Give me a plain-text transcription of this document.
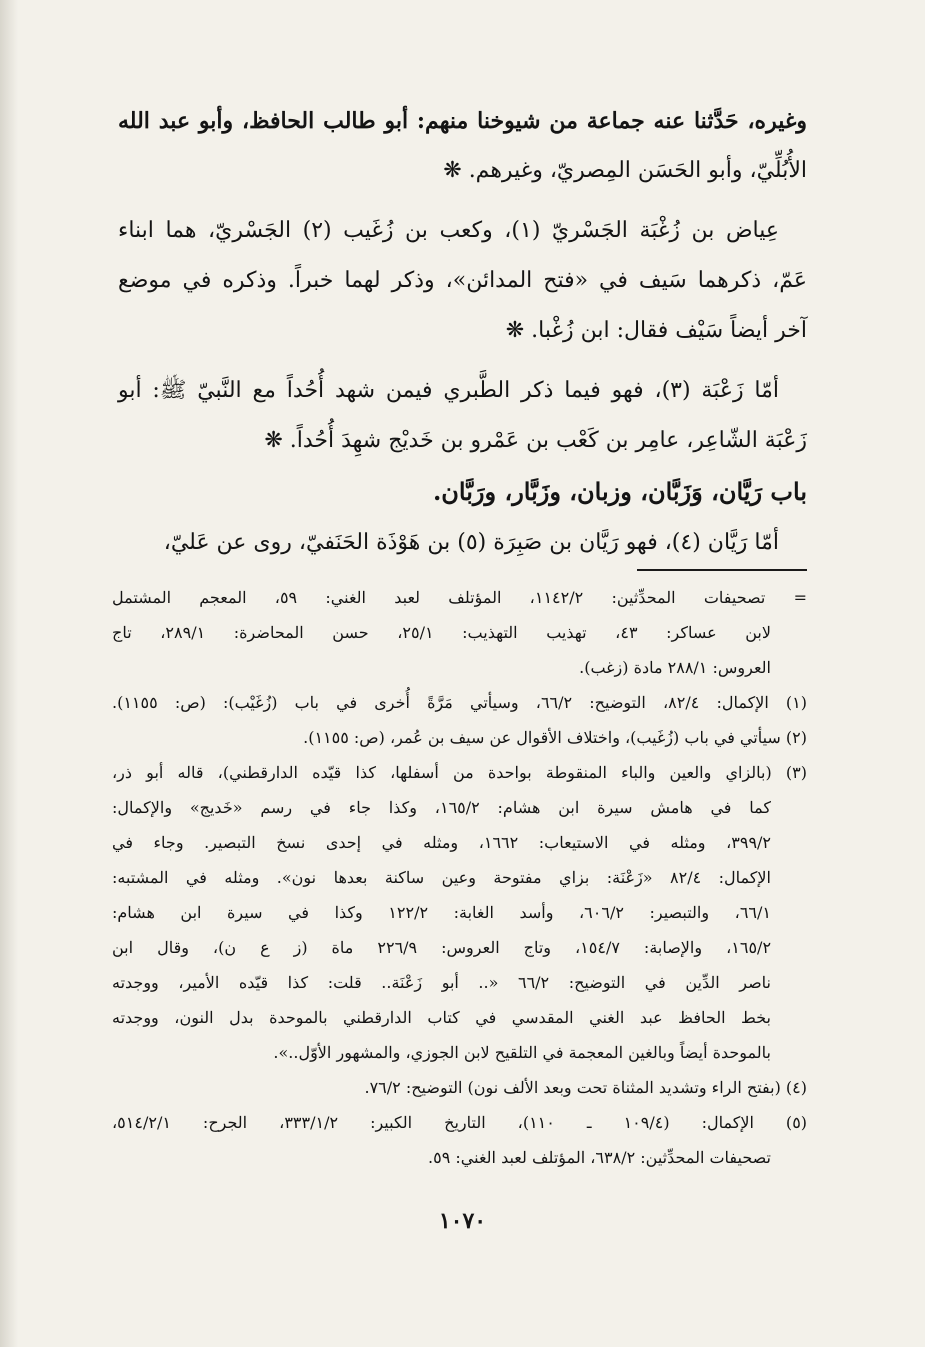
وغيره، حَدَّثنا عنه جماعة من شيوخنا منهم: أبو طالب الحافظ، وأبو عبد الله
الأُبُلِّيّ، وأبو الحَسَن المِصريّ، وغيرهم. ❋
عِياض بن زُغْبَة الجَسْريّ (١)، وكعب بن زُغَيب (٢) الجَسْريّ، هما ابناء
عَمّ، ذكرهما سَيف في «فتح المدائن»، وذكر لهما خبراً. وذكره في موضع
آخر أيضاً سَيْف فقال: ابن زُغْبا. ❋
أمّا زَعْبَة (٣)، فهو فيما ذكر الطَّبري فيمن شهد أُحُداً مع النَّبيّ ﷺ: أبو
زَعْبَة الشّاعِر، عامِر بن كَعْب بن عَمْرو بن خَديْج شهِدَ أُحُداً. ❋
باب رَيَّان، وَزَبَّان، وزبان، وزَبَّار، ورَبَّان.
أمّا رَيَّان (٤)، فهو رَيَّان بن صَبِرَة (٥) بن هَوْذَة الحَنَفيّ، روى عن عَليّ،
= تصحيفات المحدِّثين: ١١٤٢/٢، المؤتلف لعبد الغني: ٥٩، المعجم المشتمل
لابن عساكر: ٤٣، تهذيب التهذيب: ٢٥/١، حسن المحاضرة: ٢٨٩/١، تاج
العروس: ٢٨٨/١ مادة (زغب).
(١) الإكمال: ٨٢/٤، التوضيح: ٦٦/٢، وسيأتي مَرَّةً أُخرى في باب (زُغَيْب): (ص: ١١٥٥).
(٢) سيأتي في باب (زُغَيب)، واختلاف الأقوال عن سيف بن عُمر، (ص: ١١٥٥).
(٣) (بالزاي والعين والباء المنقوطة بواحدة من أسفلها، كذا قيّده الدارقطني)، قاله أبو ذر،
كما في هامش سيرة ابن هشام: ١٦٥/٢، وكذا جاء في رسم «خَديج» والإكمال:
٣٩٩/٢، ومثله في الاستيعاب: ١٦٦٢، ومثله في إحدى نسخ التبصير. وجاء في
الإكمال: ٨٢/٤ «زَعْنَة: بزاي مفتوحة وعين ساكنة بعدها نون». ومثله في المشتبه:
٦٦/١، والتبصير: ٦٠٦/٢، وأسد الغابة: ١٢٢/٢ وكذا في سيرة ابن هشام:
١٦٥/٢، والإصابة: ١٥٤/٧، وتاج العروس: ٢٢٦/٩ ماة (ز ع ن)، وقال ابن
ناصر الدِّين في التوضيح: ٦٦/٢ «.. أبو زَعْنَة.. قلت: كذا قيّده الأمير، ووجدته
بخط الحافظ عبد الغني المقدسي في كتاب الدارقطني بالموحدة بدل النون، ووجدته
بالموحدة أيضاً وبالغين المعجمة في التلقيح لابن الجوزي، والمشهور الأوّل..».
(٤) (بفتح الراء وتشديد المثناة تحت وبعد الألف نون) التوضيح: ٧٦/٢.
(٥) الإكمال: (١٠٩/٤ ـ ١١٠)، التاريخ الكبير: ٣٣٣/١/٢، الجرح: ٥١٤/٢/١،
تصحيفات المحدِّثين: ٦٣٨/٢، المؤتلف لعبد الغني: ٥٩.
١٠٧٠
